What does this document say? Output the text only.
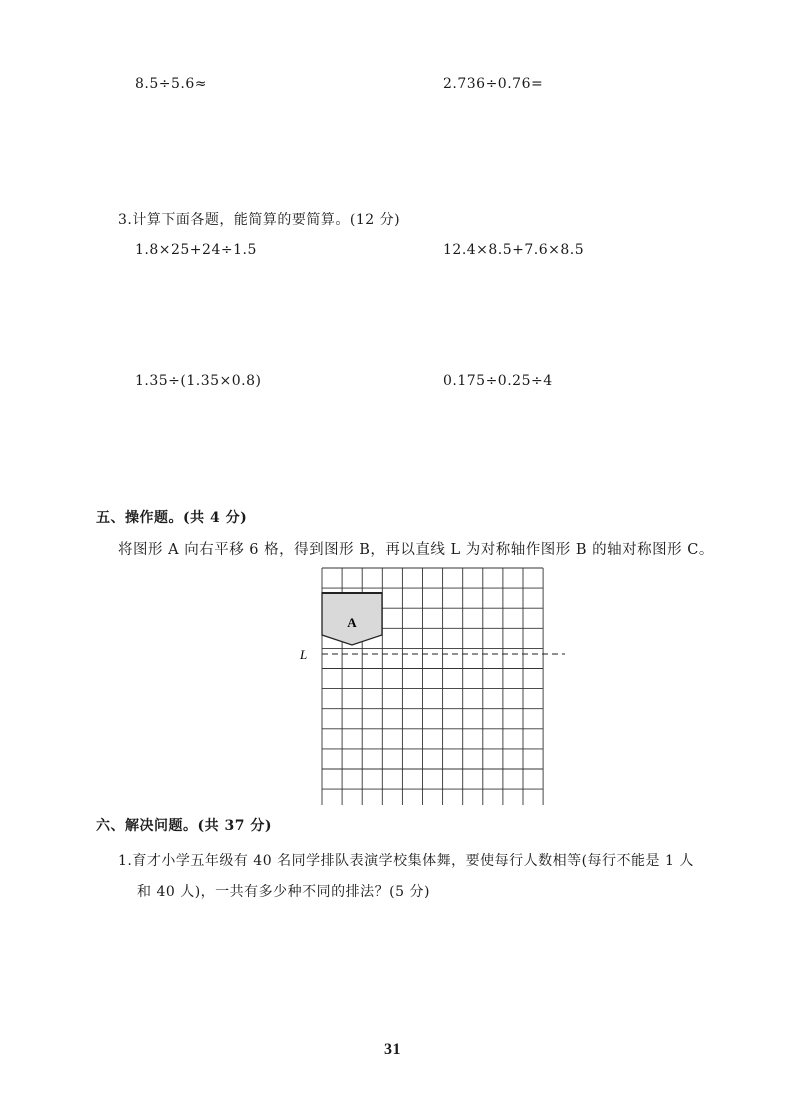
8.5÷5.6≈	2.736÷0.76=
3.计算下面各题，能简算的要简算。(12 分)
1.8×25+24÷1.5	12.4×8.5+7.6×8.5
1.35÷(1.35×0.8)	0.175÷0.25÷4
五、操作题。(共 4 分)
将图形 A 向右平移 6 格，得到图形 B，再以直线 L 为对称轴作图形 B 的轴对称图形 C。
A
L
六、解决问题。(共 37 分)
1.育才小学五年级有 40 名同学排队表演学校集体舞，要使每行人数相等(每行不能是 1 人
和 40 人)，一共有多少种不同的排法？(5 分)
31
